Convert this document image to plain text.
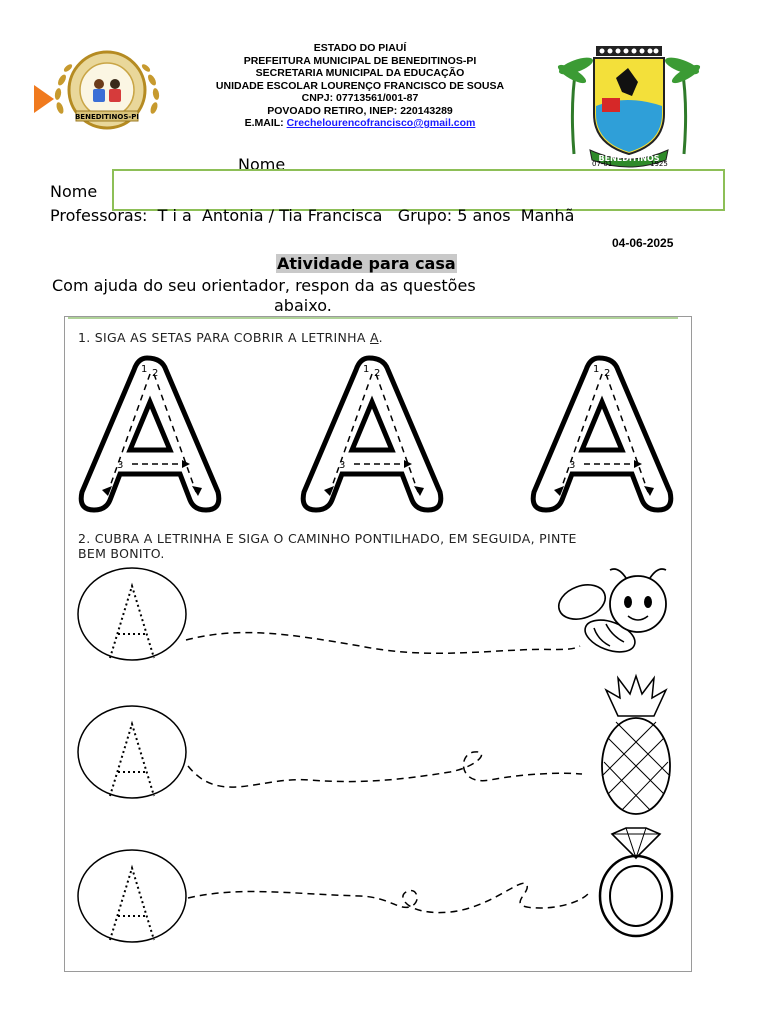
BENEDITINOS-PI
ESTADO DO PIAUÍ
PREFEITURA MUNICIPAL DE BENEDITINOS-PI
SECRETARIA MUNICIPAL DA EDUCAÇÃO
UNIDADE ESCOLAR LOURENÇO FRANCISCO DE SOUSA
CNPJ: 07713561/001-87
POVOADO RETIRO, INEP: 220143289
E.MAIL: Crechelourencofrancisco@gmail.com
BENEDITINOS
07-01	1925
Nome
Nome
Professoras:  T i a  Antonia / Tia Francisca   Grupo: 5 anos  Manhã
04-06-2025
Atividade para casa
Com ajuda do seu orientador, respon da as questões
abaixo.
1. SIGA AS SETAS PARA COBRIR A LETRINHA A.
1 2
3
1 2
3
1 2
3
2. CUBRA A LETRINHA E SIGA O CAMINHO PONTILHADO, EM SEGUIDA, PINTE
BEM BONITO.
